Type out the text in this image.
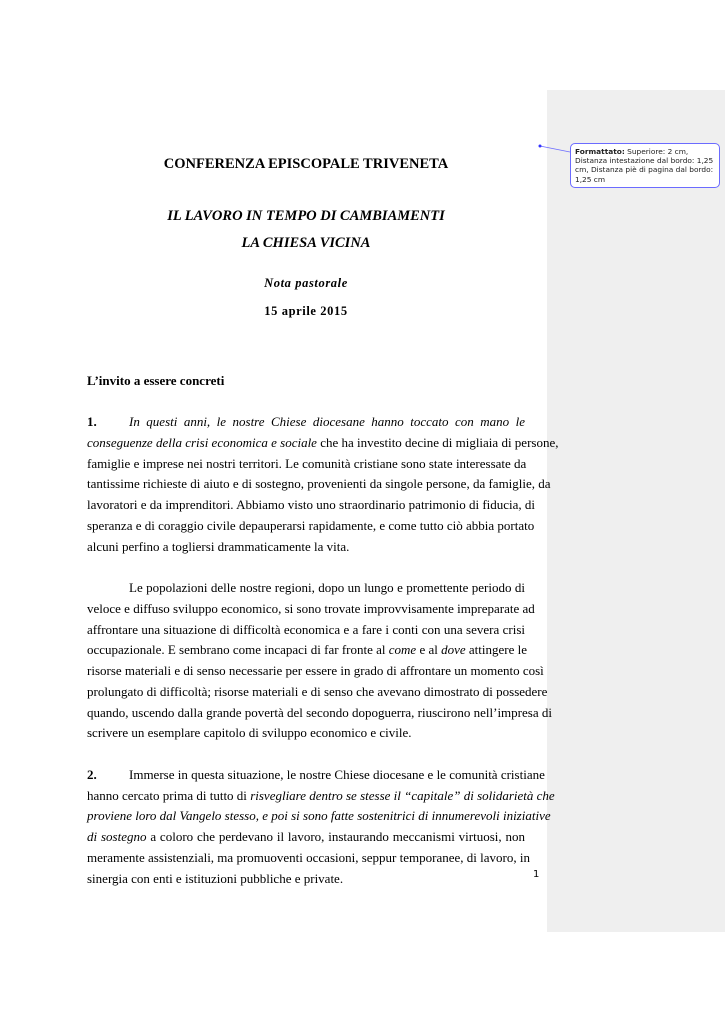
Formattato: Superiore: 2 cm, Distanza intestazione dal bordo: 1,25 cm, Distanza piè di pagina dal bordo: 1,25 cm
CONFERENZA EPISCOPALE TRIVENETA
IL LAVORO IN TEMPO DI CAMBIAMENTI
LA CHIESA VICINA
Nota pastorale
15 aprile 2015
L’invito a essere concreti
1. In questi anni, le nostre Chiese diocesane hanno toccato con mano le
conseguenze della crisi economica e sociale che ha investito decine di migliaia di persone,
famiglie e imprese nei nostri territori. Le comunità cristiane sono state interessate da
tantissime richieste di aiuto e di sostegno, provenienti da singole persone, da famiglie, da
lavoratori e da imprenditori. Abbiamo visto uno straordinario patrimonio di fiducia, di
speranza e di coraggio civile depauperarsi rapidamente, e come tutto ciò abbia portato
alcuni perfino a togliersi drammaticamente la vita.
Le popolazioni delle nostre regioni, dopo un lungo e promettente periodo di
veloce e diffuso sviluppo economico, si sono trovate improvvisamente impreparate ad
affrontare una situazione di difficoltà economica e a fare i conti con una severa crisi
occupazionale. E sembrano come incapaci di far fronte al come e al dove attingere le
risorse materiali e di senso necessarie per essere in grado di affrontare un momento così
prolungato di difficoltà; risorse materiali e di senso che avevano dimostrato di possedere
quando, uscendo dalla grande povertà del secondo dopoguerra, riuscirono nell’impresa di
scrivere un esemplare capitolo di sviluppo economico e civile.
2. Immerse in questa situazione, le nostre Chiese diocesane e le comunità cristiane
hanno cercato prima di tutto di risvegliare dentro se stesse il “capitale” di solidarietà che
proviene loro dal Vangelo stesso, e poi si sono fatte sostenitrici di innumerevoli iniziative
di sostegno a coloro che perdevano il lavoro, instaurando meccanismi virtuosi, non
meramente assistenziali, ma promuoventi occasioni, seppur temporanee, di lavoro, in
sinergia con enti e istituzioni pubbliche e private.	1
